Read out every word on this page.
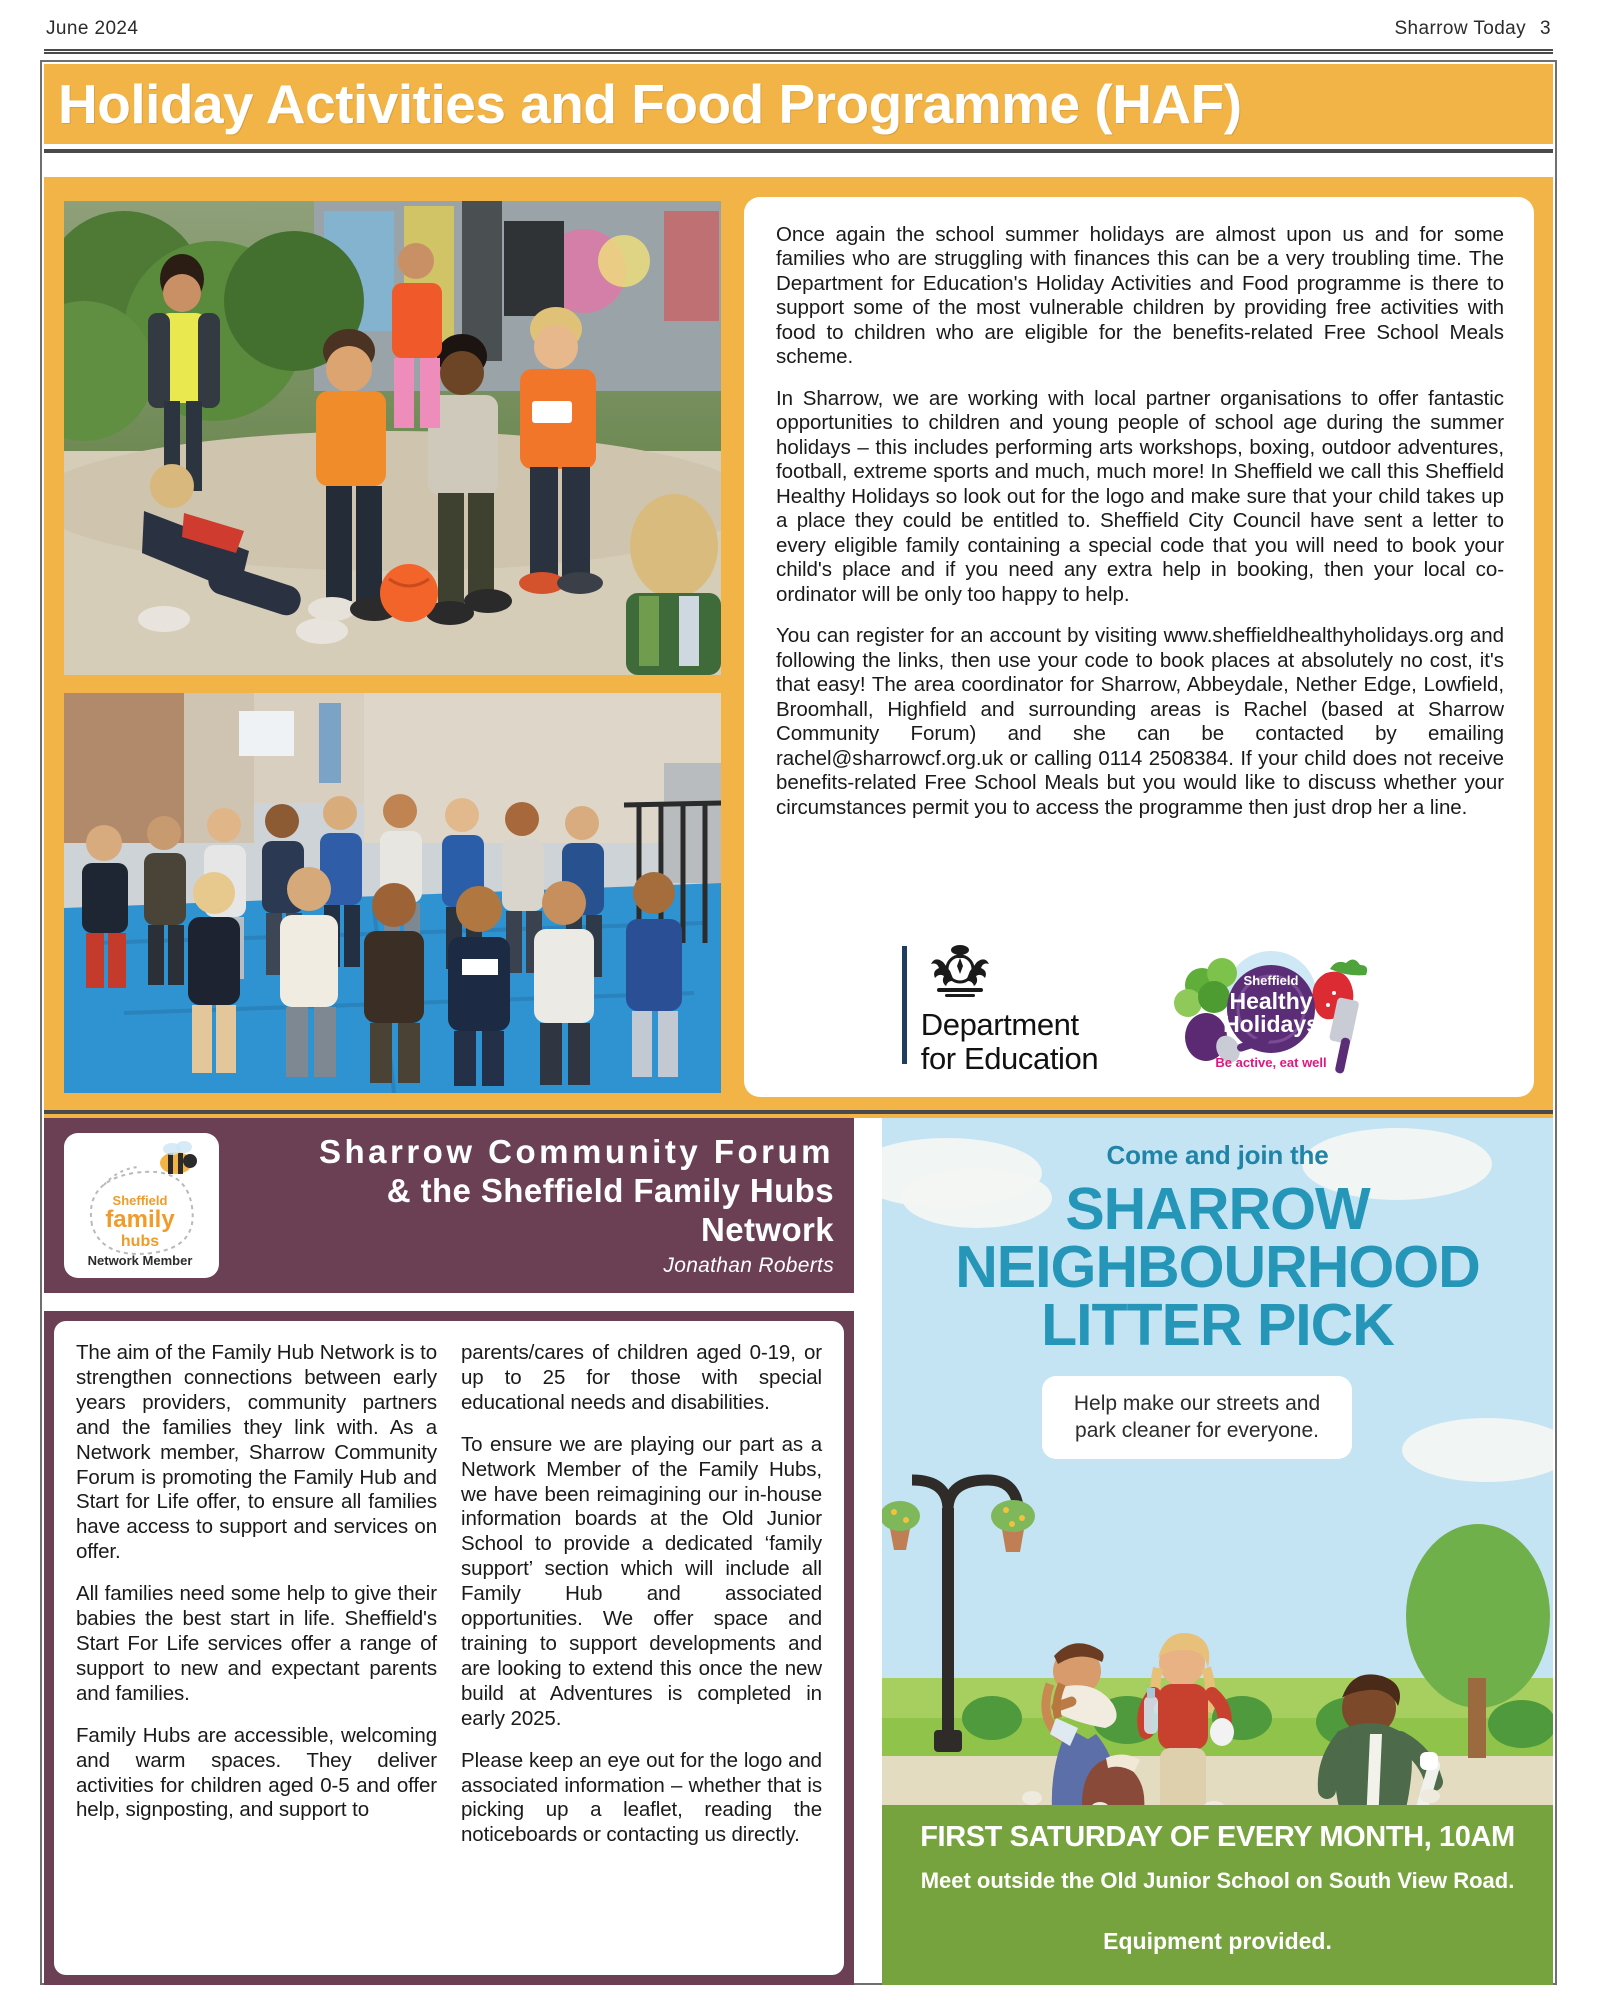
June 2024	Sharrow Today 3
Holiday Activities and Food Programme (HAF)

Once again the school summer holidays are almost upon us and for some families who are struggling with finances this can be a very troubling time. The Department for Education's Holiday Activities and Food programme is there to support some of the most vulnerable children by providing free activities with food to children who are eligible for the benefits-related Free School Meals scheme.

In Sharrow, we are working with local partner organisations to offer fantastic opportunities to children and young people of school age during the summer holidays – this includes performing arts workshops, boxing, outdoor adventures, football, extreme sports and much, much more! In Sheffield we call this Sheffield Healthy Holidays so look out for the logo and make sure that your child takes up a place they could be entitled to. Sheffield City Council have sent a letter to every eligible family containing a special code that you will need to book your child's place and if you need any extra help in booking, then your local co-ordinator will be only too happy to help.

You can register for an account by visiting www.sheffieldhealthyholidays.org and following the links, then use your code to book places at absolutely no cost, it's that easy! The area coordinator for Sharrow, Abbeydale, Nether Edge, Lowfield, Broomhall, Highfield and surrounding areas is Rachel (based at Sharrow Community Forum) and she can be contacted by emailing rachel@sharrowcf.org.uk or calling 0114 2508384. If your child does not receive benefits-related Free School Meals but you would like to discuss whether your circumstances permit you to access the programme then just drop her a line.

Department
for Education
Sheffield
Healthy
Holidays
Be active, eat well
Sheffield
family
hubs
Network Member
Sharrow Community Forum
& the Sheffield Family Hubs
Network
Jonathan Roberts

The aim of the Family Hub Network is to strengthen connections between early years providers, community partners and the families they link with. As a Network member, Sharrow Community Forum is promoting the Family Hub and Start for Life offer, to ensure all families have access to support and services on offer.

All families need some help to give their babies the best start in life. Sheffield's Start For Life services offer a range of support to new and expectant parents and families.

Family Hubs are accessible, welcoming and warm spaces. They deliver activities for children aged 0-5 and offer help, signposting, and support to

parents/cares of children aged 0-19, or up to 25 for those with special educational needs and disabilities.

To ensure we are playing our part as a Network Member of the Family Hubs, we have been reimagining our in-house information boards at the Old Junior School to provide a dedicated ‘family support’ section which will include all Family Hub and associated opportunities. We offer space and training to support developments and are looking to extend this once the new build at Adventures is completed in early 2025.

Please keep an eye out for the logo and associated information – whether that is picking up a leaflet, reading the noticeboards or contacting us directly.

Come and join the
SHARROW
NEIGHBOURHOOD
LITTER PICK
Help make our streets and
park cleaner for everyone.
FIRST SATURDAY OF EVERY MONTH, 10AM
Meet outside the Old Junior School on South View Road.
Equipment provided.
